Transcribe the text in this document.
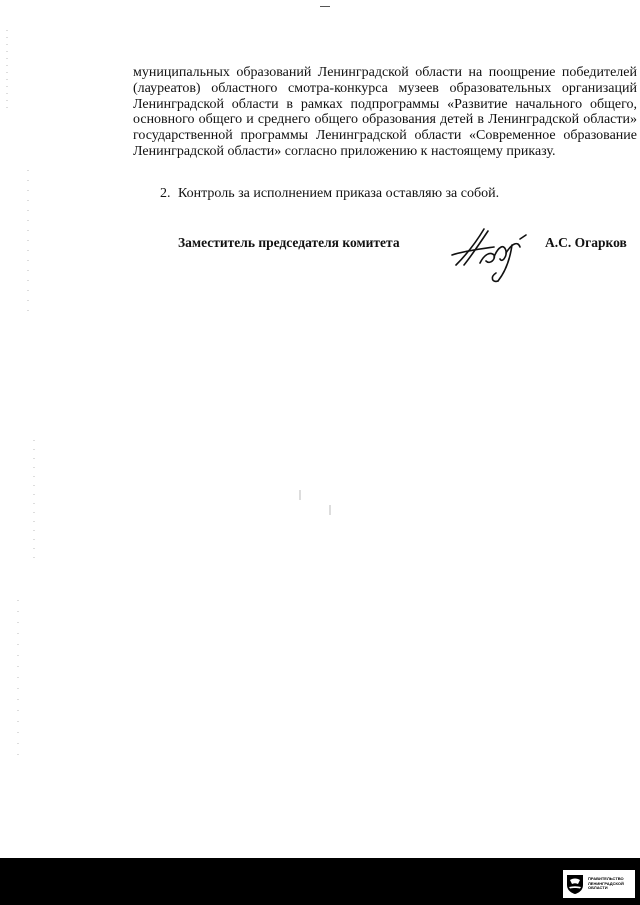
муниципальных образований Ленинградской области на поощрение победителей (лауреатов) областного смотра-конкурса музеев образовательных организаций Ленинградской области в рамках подпрограммы «Развитие начального общего, основного общего и среднего общего образования детей в Ленинградской области» государственной программы Ленинградской области «Современное образование Ленинградской области» согласно приложению к настоящему приказу.

2. Контроль за исполнением приказа оставляю за собой.

Заместитель председателя комитета	А.С. Огарков
ПРАВИТЕЛЬСТВО
ЛЕНИНГРАДСКОЙ
ОБЛАСТИ
